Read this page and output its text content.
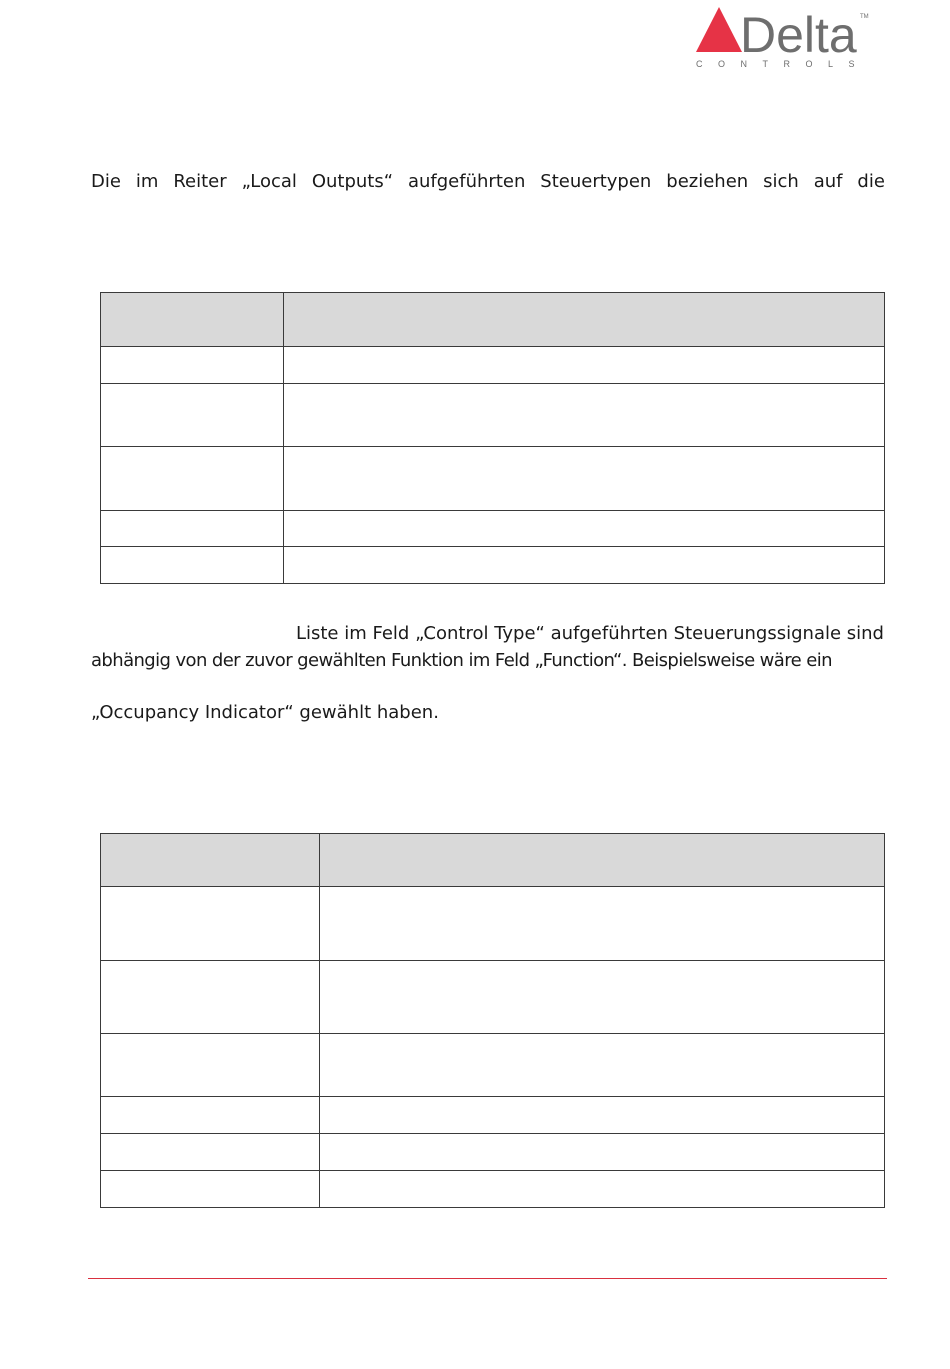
Delta TM
CONTROLS
Die im Reiter „Local Outputs“ aufgeführten Steuertypen beziehen sich auf die

Liste im Feld „Control Type“ aufgeführten Steuerungssignale sind
abhängig von der zuvor gewählten Funktion im Feld „Function“. Beispielsweise wäre ein
„Occupancy Indicator“ gewählt haben.
